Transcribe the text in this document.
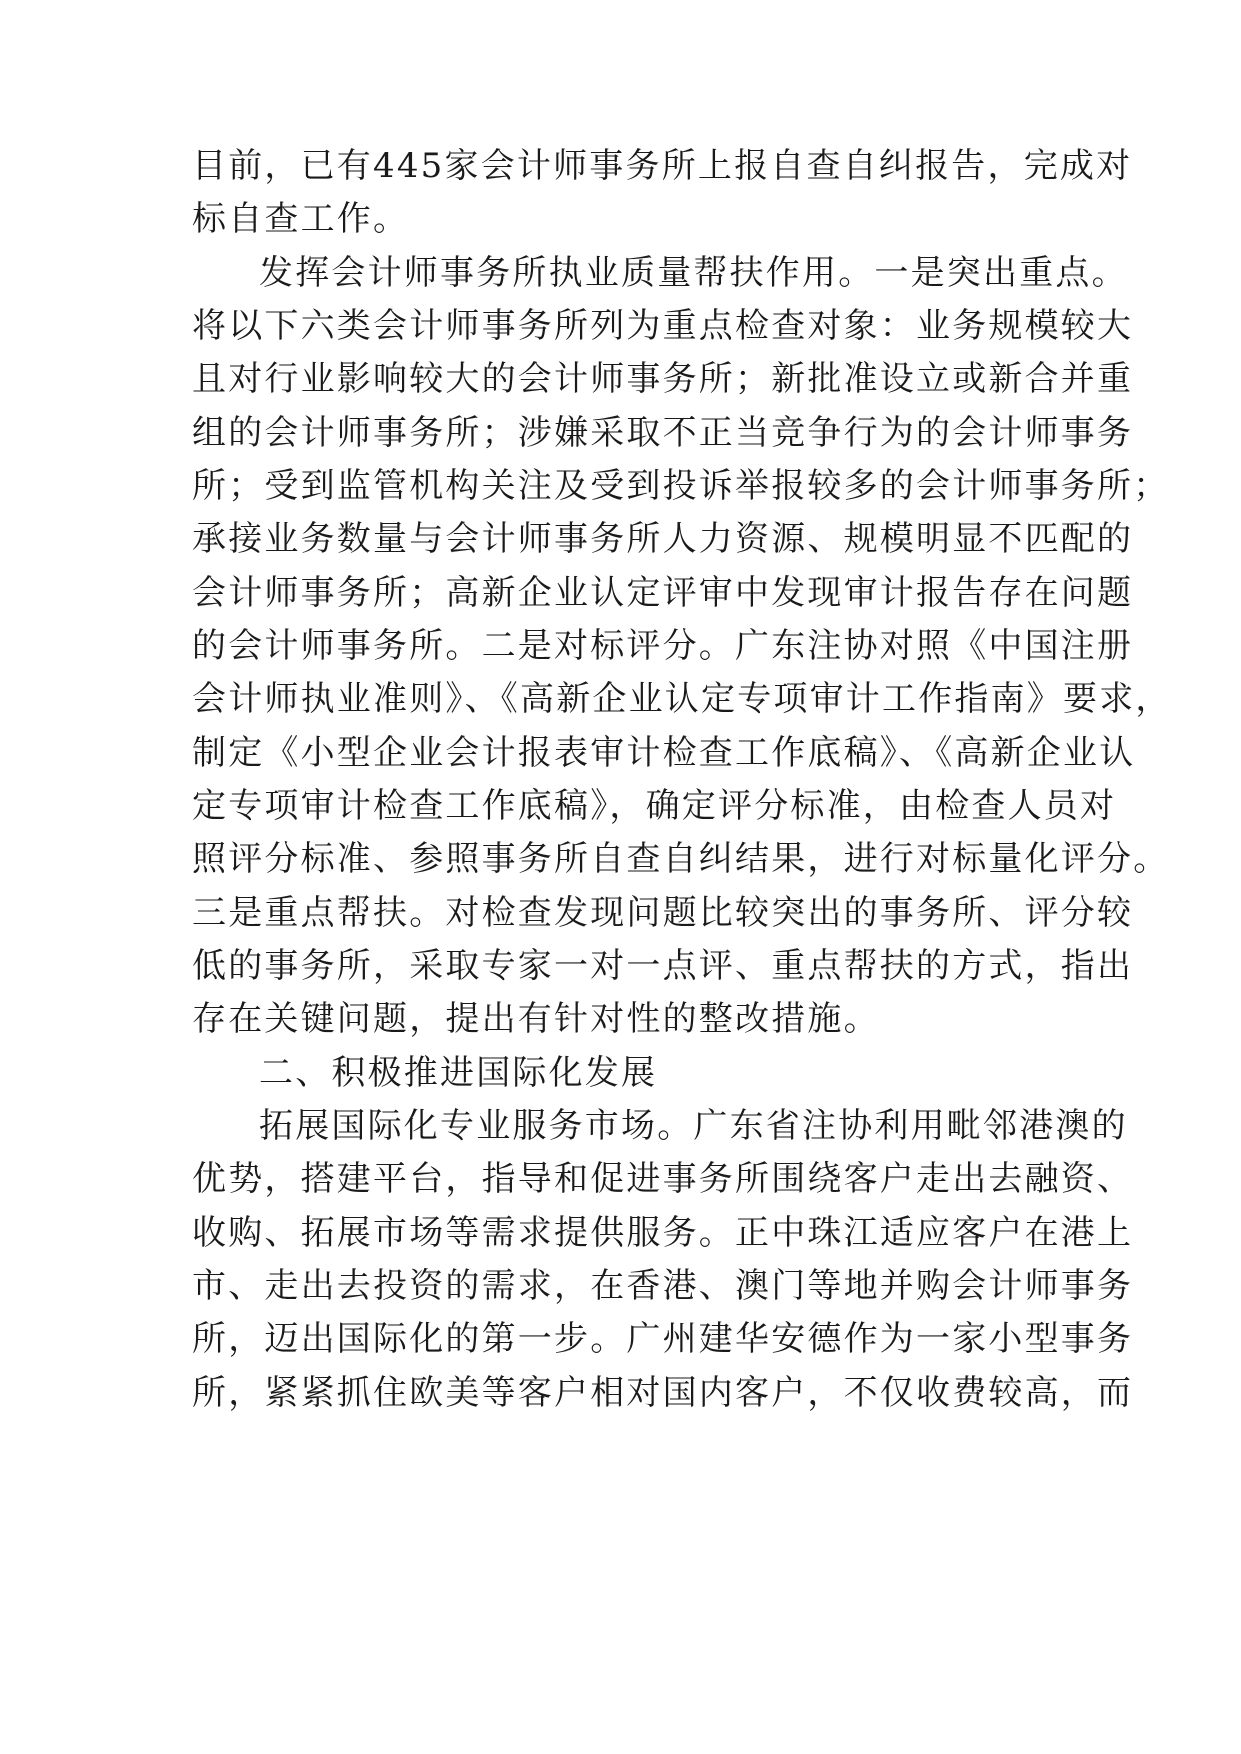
目前，已有445家会计师事务所上报自查自纠报告，完成对

标自查工作。

发挥会计师事务所执业质量帮扶作用。一是突出重点。

将以下六类会计师事务所列为重点检查对象：业务规模较大

且对行业影响较大的会计师事务所；新批准设立或新合并重

组的会计师事务所；涉嫌采取不正当竞争行为的会计师事务

所；受到监管机构关注及受到投诉举报较多的会计师事务所；

承接业务数量与会计师事务所人力资源、规模明显不匹配的

会计师事务所；高新企业认定评审中发现审计报告存在问题

的会计师事务所。二是对标评分。广东注协对照《中国注册

会计师执业准则》、《高新企业认定专项审计工作指南》要求，

制定《小型企业会计报表审计检查工作底稿》、《高新企业认

定专项审计检查工作底稿》，确定评分标准，由检查人员对

照评分标准、参照事务所自查自纠结果，进行对标量化评分。

三是重点帮扶。对检查发现问题比较突出的事务所、评分较

低的事务所，采取专家一对一点评、重点帮扶的方式，指出

存在关键问题，提出有针对性的整改措施。

二、积极推进国际化发展

拓展国际化专业服务市场。广东省注协利用毗邻港澳的

优势，搭建平台，指导和促进事务所围绕客户走出去融资、

收购、拓展市场等需求提供服务。正中珠江适应客户在港上

市、走出去投资的需求，在香港、澳门等地并购会计师事务

所，迈出国际化的第一步。广州建华安德作为一家小型事务

所，紧紧抓住欧美等客户相对国内客户，不仅收费较高，而
